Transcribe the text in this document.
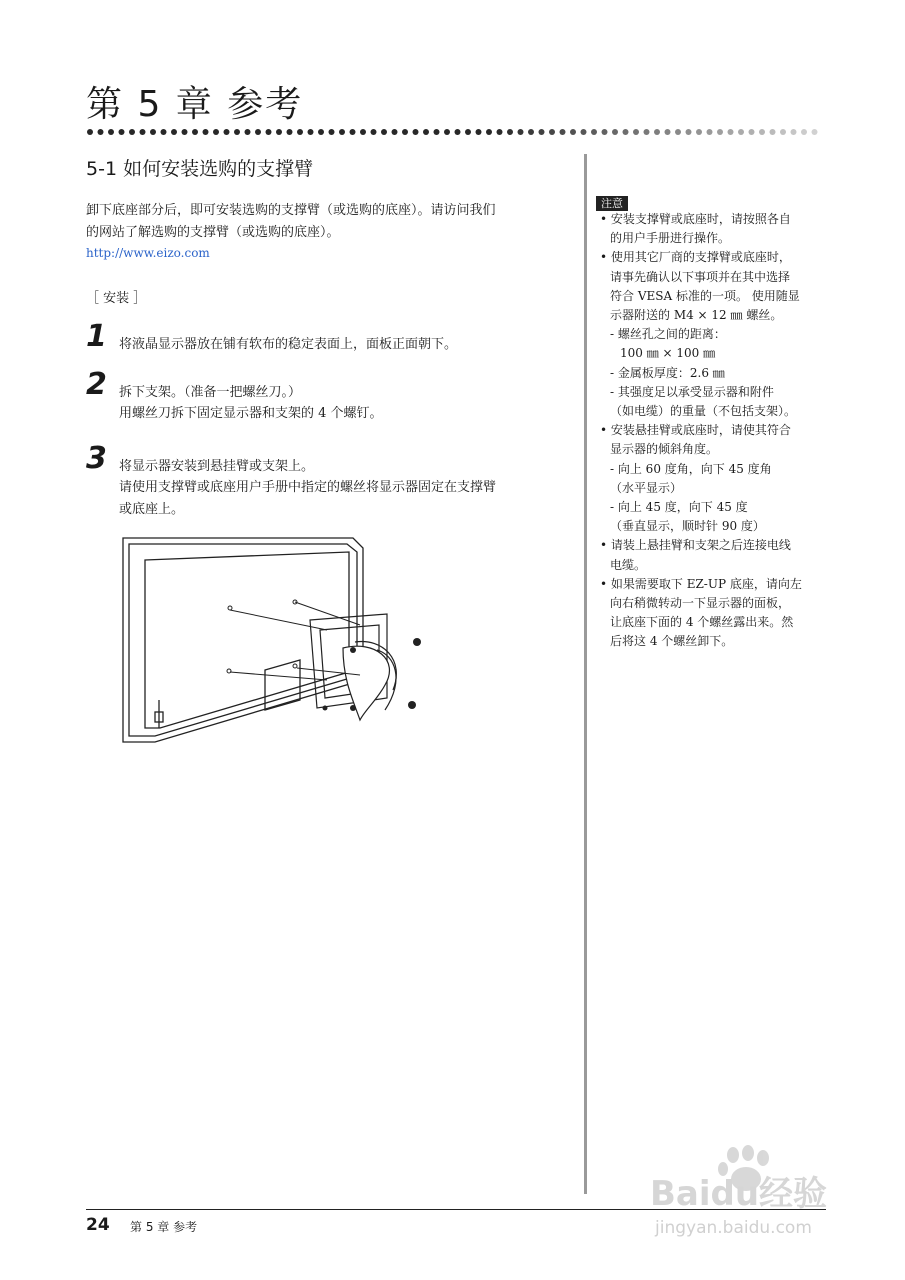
第 5 章 参考
5-1 如何安装选购的支撑臂
卸下底座部分后，即可安装选购的支撑臂（或选购的底座）。请访问我们
的网站了解选购的支撑臂（或选购的底座）。
http://www.eizo.com
［ 安装 ］
1 将液晶显示器放在铺有软布的稳定表面上，面板正面朝下。
2 拆下支架。（准备一把螺丝刀。）
用螺丝刀拆下固定显示器和支架的 4 个螺钉。
3 将显示器安装到悬挂臂或支架上。
请使用支撑臂或底座用户手册中指定的螺丝将显示器固定在支撑臂
或底座上。
注意
• 安装支撑臂或底座时，请按照各自
的用户手册进行操作。
• 使用其它厂商的支撑臂或底座时，
请事先确认以下事项并在其中选择
符合 VESA 标准的一项。 使用随显
示器附送的 M4 × 12 ㎜ 螺丝。
- 螺丝孔之间的距离：
100 ㎜ × 100 ㎜
- 金属板厚度：2.6 ㎜
- 其强度足以承受显示器和附件
（如电缆）的重量（不包括支架）。
• 安装悬挂臂或底座时，请使其符合
显示器的倾斜角度。
- 向上 60 度角，向下 45 度角
（水平显示）
- 向上 45 度，向下 45 度
（垂直显示，顺时针 90 度）
• 请装上悬挂臂和支架之后连接电线
电缆。
• 如果需要取下 EZ-UP 底座，请向左
向右稍微转动一下显示器的面板，
让底座下面的 4 个螺丝露出来。然
后将这 4 个螺丝卸下。
24 第 5 章 参考
Baidu经验
jingyan.baidu.com
